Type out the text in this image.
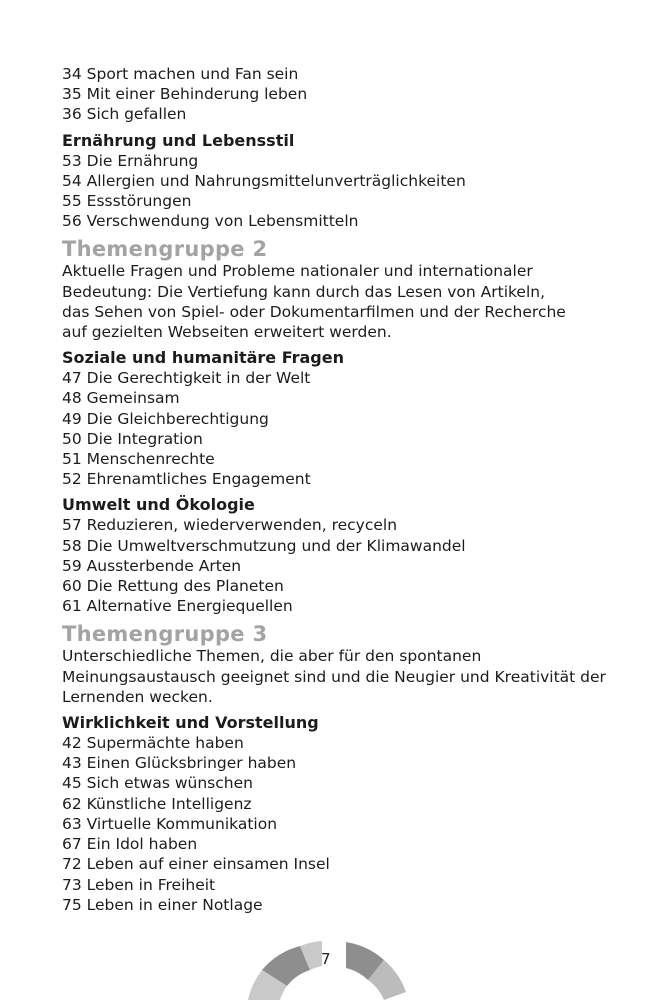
34 Sport machen und Fan sein
35 Mit einer Behinderung leben
36 Sich gefallen
Ernährung und Lebensstil
53 Die Ernährung
54 Allergien und Nahrungsmittelunverträglichkeiten
55 Essstörungen
56 Verschwendung von Lebensmitteln
Themengruppe 2
Aktuelle Fragen und Probleme nationaler und internationaler
Bedeutung: Die Vertiefung kann durch das Lesen von Artikeln,
das Sehen von Spiel- oder Dokumentarfilmen und der Recherche
auf gezielten Webseiten erweitert werden.
Soziale und humanitäre Fragen
47 Die Gerechtigkeit in der Welt
48 Gemeinsam
49 Die Gleichberechtigung
50 Die Integration
51 Menschenrechte
52 Ehrenamtliches Engagement
Umwelt und Ökologie
57 Reduzieren, wiederverwenden, recyceln
58 Die Umweltverschmutzung und der Klimawandel
59 Aussterbende Arten
60 Die Rettung des Planeten
61 Alternative Energiequellen
Themengruppe 3
Unterschiedliche Themen, die aber für den spontanen
Meinungsaustausch geeignet sind und die Neugier und Kreativität der
Lernenden wecken.
Wirklichkeit und Vorstellung
42 Supermächte haben
43 Einen Glücksbringer haben
45 Sich etwas wünschen
62 Künstliche Intelligenz
63 Virtuelle Kommunikation
67 Ein Idol haben
72 Leben auf einer einsamen Insel
73 Leben in Freiheit
75 Leben in einer Notlage
7
